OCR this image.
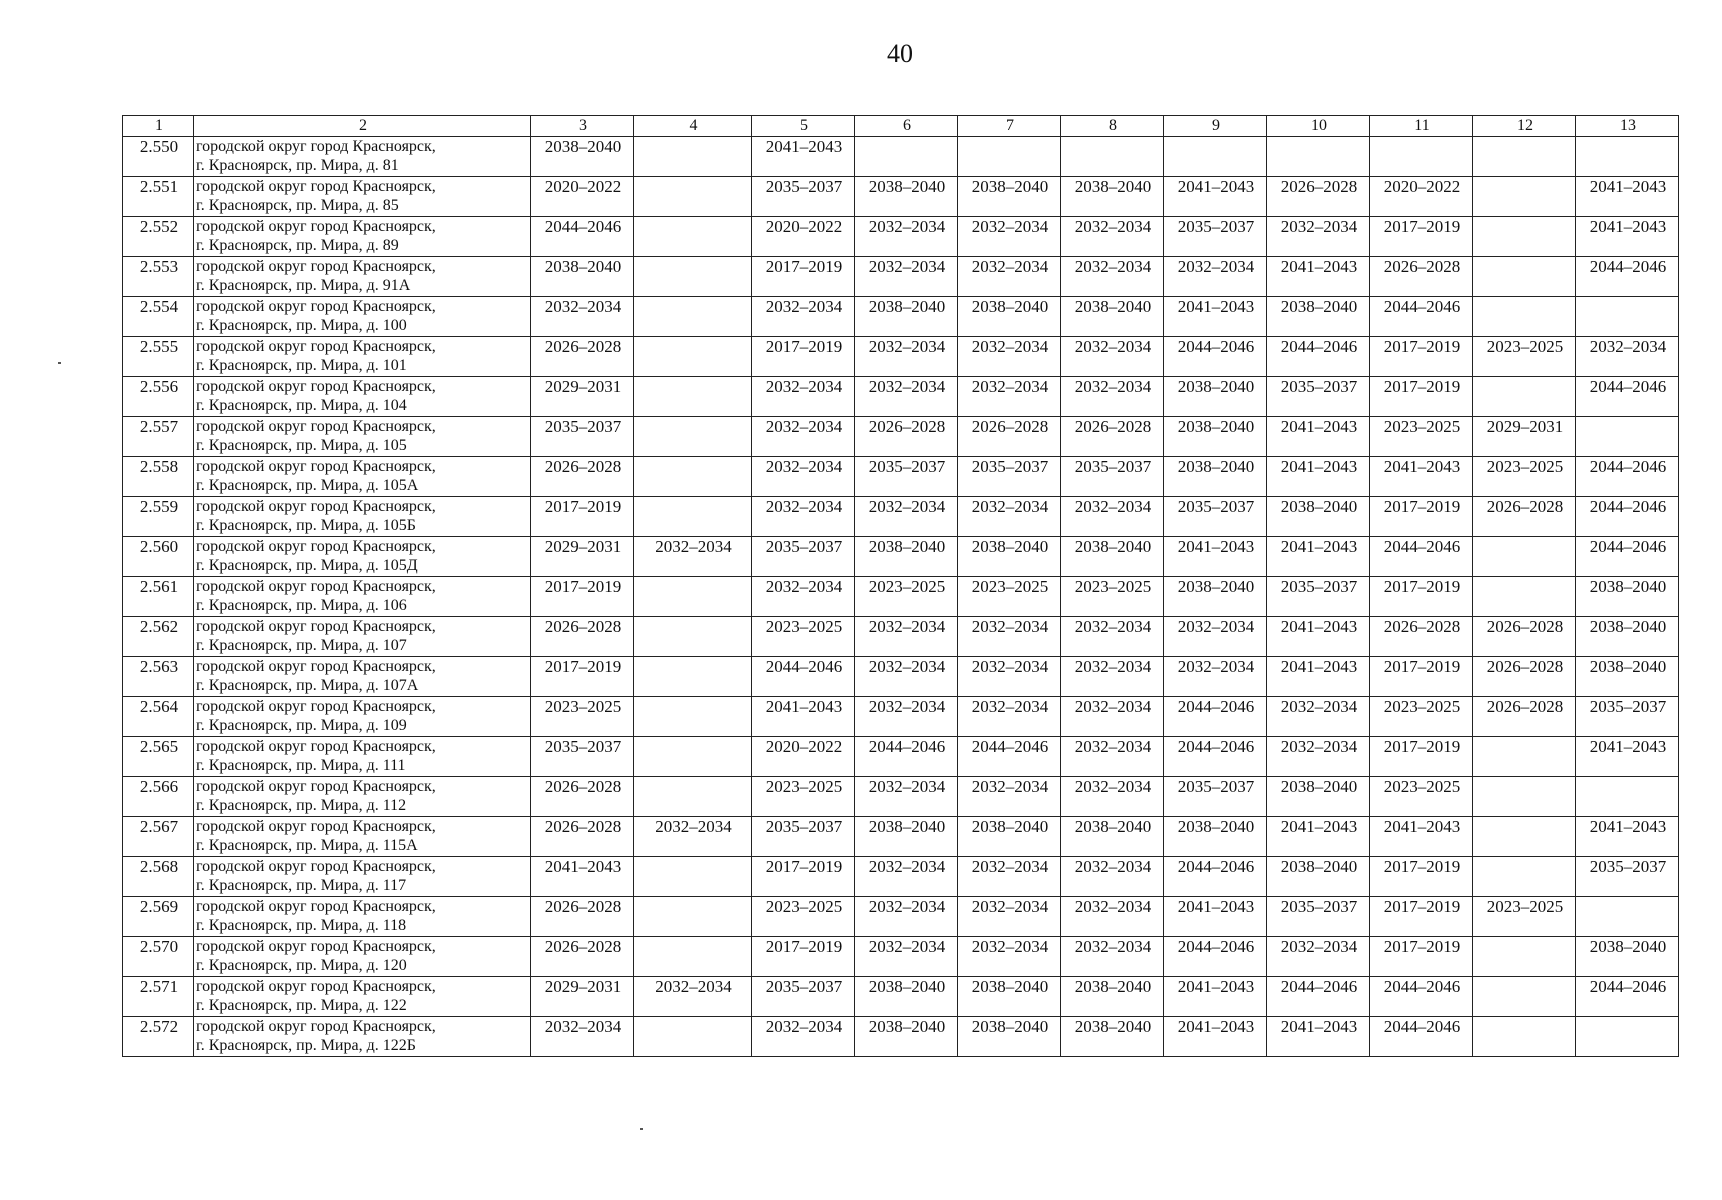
40
1	2	3	4	5	6	7	8	9	10	11	12	13
2.550	городской округ город Красноярск,
г. Красноярск, пр. Мира, д. 81	2038–2040		2041–2043								
2.551	городской округ город Красноярск,
г. Красноярск, пр. Мира, д. 85	2020–2022		2035–2037	2038–2040	2038–2040	2038–2040	2041–2043	2026–2028	2020–2022		2041–2043
2.552	городской округ город Красноярск,
г. Красноярск, пр. Мира, д. 89	2044–2046		2020–2022	2032–2034	2032–2034	2032–2034	2035–2037	2032–2034	2017–2019		2041–2043
2.553	городской округ город Красноярск,
г. Красноярск, пр. Мира, д. 91А	2038–2040		2017–2019	2032–2034	2032–2034	2032–2034	2032–2034	2041–2043	2026–2028		2044–2046
2.554	городской округ город Красноярск,
г. Красноярск, пр. Мира, д. 100	2032–2034		2032–2034	2038–2040	2038–2040	2038–2040	2041–2043	2038–2040	2044–2046		
2.555	городской округ город Красноярск,
г. Красноярск, пр. Мира, д. 101	2026–2028		2017–2019	2032–2034	2032–2034	2032–2034	2044–2046	2044–2046	2017–2019	2023–2025	2032–2034
2.556	городской округ город Красноярск,
г. Красноярск, пр. Мира, д. 104	2029–2031		2032–2034	2032–2034	2032–2034	2032–2034	2038–2040	2035–2037	2017–2019		2044–2046
2.557	городской округ город Красноярск,
г. Красноярск, пр. Мира, д. 105	2035–2037		2032–2034	2026–2028	2026–2028	2026–2028	2038–2040	2041–2043	2023–2025	2029–2031	
2.558	городской округ город Красноярск,
г. Красноярск, пр. Мира, д. 105А	2026–2028		2032–2034	2035–2037	2035–2037	2035–2037	2038–2040	2041–2043	2041–2043	2023–2025	2044–2046
2.559	городской округ город Красноярск,
г. Красноярск, пр. Мира, д. 105Б	2017–2019		2032–2034	2032–2034	2032–2034	2032–2034	2035–2037	2038–2040	2017–2019	2026–2028	2044–2046
2.560	городской округ город Красноярск,
г. Красноярск, пр. Мира, д. 105Д	2029–2031	2032–2034	2035–2037	2038–2040	2038–2040	2038–2040	2041–2043	2041–2043	2044–2046		2044–2046
2.561	городской округ город Красноярск,
г. Красноярск, пр. Мира, д. 106	2017–2019		2032–2034	2023–2025	2023–2025	2023–2025	2038–2040	2035–2037	2017–2019		2038–2040
2.562	городской округ город Красноярск,
г. Красноярск, пр. Мира, д. 107	2026–2028		2023–2025	2032–2034	2032–2034	2032–2034	2032–2034	2041–2043	2026–2028	2026–2028	2038–2040
2.563	городской округ город Красноярск,
г. Красноярск, пр. Мира, д. 107А	2017–2019		2044–2046	2032–2034	2032–2034	2032–2034	2032–2034	2041–2043	2017–2019	2026–2028	2038–2040
2.564	городской округ город Красноярск,
г. Красноярск, пр. Мира, д. 109	2023–2025		2041–2043	2032–2034	2032–2034	2032–2034	2044–2046	2032–2034	2023–2025	2026–2028	2035–2037
2.565	городской округ город Красноярск,
г. Красноярск, пр. Мира, д. 111	2035–2037		2020–2022	2044–2046	2044–2046	2032–2034	2044–2046	2032–2034	2017–2019		2041–2043
2.566	городской округ город Красноярск,
г. Красноярск, пр. Мира, д. 112	2026–2028		2023–2025	2032–2034	2032–2034	2032–2034	2035–2037	2038–2040	2023–2025		
2.567	городской округ город Красноярск,
г. Красноярск, пр. Мира, д. 115А	2026–2028	2032–2034	2035–2037	2038–2040	2038–2040	2038–2040	2038–2040	2041–2043	2041–2043		2041–2043
2.568	городской округ город Красноярск,
г. Красноярск, пр. Мира, д. 117	2041–2043		2017–2019	2032–2034	2032–2034	2032–2034	2044–2046	2038–2040	2017–2019		2035–2037
2.569	городской округ город Красноярск,
г. Красноярск, пр. Мира, д. 118	2026–2028		2023–2025	2032–2034	2032–2034	2032–2034	2041–2043	2035–2037	2017–2019	2023–2025	
2.570	городской округ город Красноярск,
г. Красноярск, пр. Мира, д. 120	2026–2028		2017–2019	2032–2034	2032–2034	2032–2034	2044–2046	2032–2034	2017–2019		2038–2040
2.571	городской округ город Красноярск,
г. Красноярск, пр. Мира, д. 122	2029–2031	2032–2034	2035–2037	2038–2040	2038–2040	2038–2040	2041–2043	2044–2046	2044–2046		2044–2046
2.572	городской округ город Красноярск,
г. Красноярск, пр. Мира, д. 122Б	2032–2034		2032–2034	2038–2040	2038–2040	2038–2040	2041–2043	2041–2043	2044–2046		
